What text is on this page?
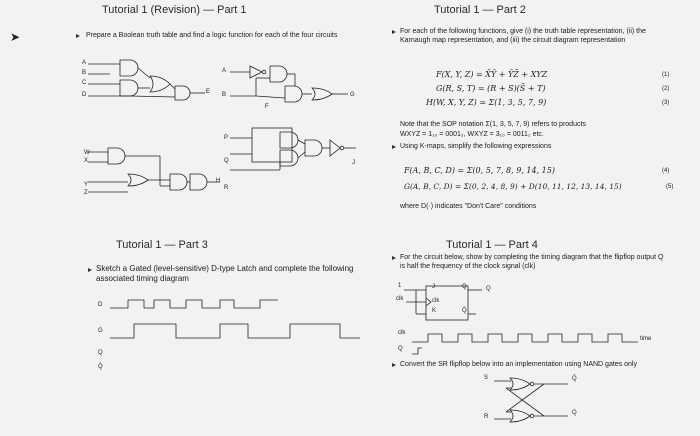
Tutorial 1 (Revision) — Part 1
Prepare a Boolean truth table and find a logic function for each of the four circuits
A
B
C
D	E
A
B
F
G
P
Q
R
J
W
X
Y
Z
H
Tutorial 1 — Part 2
For each of the following functions, give (i) the truth table representation, (ii) the Karnaugh map representation, and (iii) the circuit diagram representation
F(X, Y, Z) = X̄Ȳ + ȲZ̄ + XYZ	(1)
G(R, S, T) = (R + S)(S̄ + T)	(2)
H(W, X, Y, Z) = Σ(1, 3, 5, 7, 9)	(3)
Note that the SOP notation Σ(1, 3, 5, 7, 9) refers to products
WXYZ = 1₁₀ = 0001₂, WXYZ = 3₁₀ = 0011₂ etc.
Using K-maps, simplify the following expressions
F(A, B, C, D) = Σ(0, 5, 7, 8, 9, 14, 15)	(4)
G(A, B, C, D) = Σ(0, 2, 4, 8, 9) + D(10, 11, 12, 13, 14, 15)	(5)
where D(·) indicates "Don't Care" conditions
Tutorial 1 — Part 3
Sketch a Gated (level-sensitive) D-type Latch and complete the following associated timing diagram
D
G
Q
Q̄
Tutorial 1 — Part 4
For the circuit below, show by completing the timing diagram that the flipflop output Q is half the frequency of the clock signal (clk)
1	J	Q	Q
clk	clk
K	Q̄
clk
Q
time
Convert the SR flipflop below into an implementation using NAND gates only
S
R
Q̄
Q
➤
